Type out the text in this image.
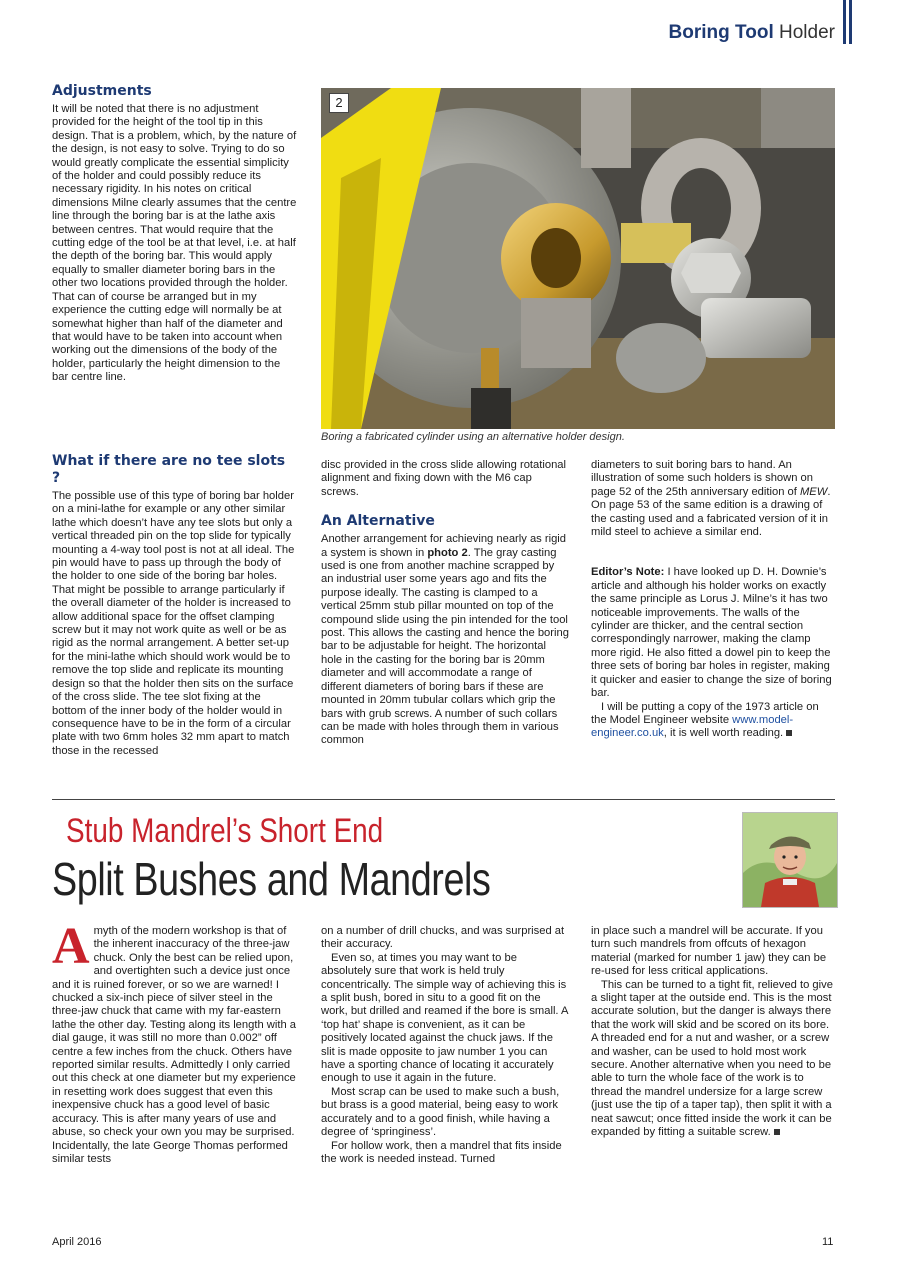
Boring Tool Holder
Adjustments

It will be noted that there is no adjustment provided for the height of the tool tip in this design. That is a problem, which, by the nature of the design, is not easy to solve. Trying to do so would greatly complicate the essential simplicity of the holder and could possibly reduce its necessary rigidity. In his notes on critical dimensions Milne clearly assumes that the centre line through the boring bar is at the lathe axis between centres. That would require that the cutting edge of the tool be at that level, i.e. at half the depth of the boring bar. This would apply equally to smaller diameter boring bars in the other two locations provided through the holder. That can of course be arranged but in my experience the cutting edge will normally be at somewhat higher than half of the diameter and that would have to be taken into account when working out the dimensions of the body of the holder, particularly the height dimension to the bar centre line.

What if there are no tee slots ?

The possible use of this type of boring bar holder on a mini-lathe for example or any other similar lathe which doesn’t have any tee slots but only a vertical threaded pin on the top slide for typically mounting a 4-way tool post is not at all ideal. The pin would have to pass up through the body of the holder to one side of the boring bar holes. That might be possible to arrange particularly if the overall diameter of the holder is increased to allow additional space for the offset clamping screw but it may not work quite as well or be as rigid as the normal arrangement. A better set-up for the mini-lathe which should work would be to remove the top slide and replicate its mounting design so that the holder then sits on the surface of the cross slide. The tee slot fixing at the bottom of the inner body of the holder would in consequence have to be in the form of a circular plate with two 6mm holes 32 mm apart to match those in the recessed

2
Boring a fabricated cylinder using an alternative holder design.

disc provided in the cross slide allowing rotational alignment and fixing down with the M6 cap screws.

An Alternative

Another arrangement for achieving nearly as rigid a system is shown in photo 2. The gray casting used is one from another machine scrapped by an industrial user some years ago and fits the purpose ideally. The casting is clamped to a vertical 25mm stub pillar mounted on top of the compound slide using the pin intended for the tool post. This allows the casting and hence the boring bar to be adjustable for height. The horizontal hole in the casting for the boring bar is 20mm diameter and will accommodate a range of different diameters of boring bars if these are mounted in 20mm tubular collars which grip the bars with grub screws. A number of such collars can be made with holes through them in various common

diameters to suit boring bars to hand. An illustration of some such holders is shown on page 52 of the 25th anniversary edition of MEW. On page 53 of the same edition is a drawing of the casting used and a fabricated version of it in mild steel to achieve a similar end.

Editor’s Note: I have looked up D. H. Downie’s article and although his holder works on exactly the same principle as Lorus J. Milne’s it has two noticeable improvements. The walls of the cylinder are thicker, and the central section correspondingly narrower, making the clamp more rigid. He also fitted a dowel pin to keep the three sets of boring bar holes in register, making it quicker and easier to change the size of boring bar.

I will be putting a copy of the 1973 article on the Model Engineer website www.model-engineer.co.uk, it is well worth reading.

Stub Mandrel’s Short End
Split Bushes and Mandrels

Amyth of the modern workshop is that of the inherent inaccuracy of the three-jaw chuck. Only the best can be relied upon, and overtighten such a device just once and it is ruined forever, or so we are warned! I chucked a six-inch piece of silver steel in the three-jaw chuck that came with my far-eastern lathe the other day. Testing along its length with a dial gauge, it was still no more than 0.002” off centre a few inches from the chuck. Others have reported similar results. Admittedly I only carried out this check at one diameter but my experience in resetting work does suggest that even this inexpensive chuck has a good level of basic accuracy. This is after many years of use and abuse, so check your own you may be surprised. Incidentally, the late George Thomas performed similar tests

on a number of drill chucks, and was surprised at their accuracy.

Even so, at times you may want to be absolutely sure that work is held truly concentrically. The simple way of achieving this is a split bush, bored in situ to a good fit on the work, but drilled and reamed if the bore is small. A ‘top hat’ shape is convenient, as it can be positively located against the chuck jaws. If the slit is made opposite to jaw number 1 you can have a sporting chance of locating it accurately enough to use it again in the future.

Most scrap can be used to make such a bush, but brass is a good material, being easy to work accurately and to a good finish, while having a degree of ‘springiness’.

For hollow work, then a mandrel that fits inside the work is needed instead. Turned

in place such a mandrel will be accurate. If you turn such mandrels from offcuts of hexagon material (marked for number 1 jaw) they can be re-used for less critical applications.

This can be turned to a tight fit, relieved to give a slight taper at the outside end. This is the most accurate solution, but the danger is always there that the work will skid and be scored on its bore. A threaded end for a nut and washer, or a screw and washer, can be used to hold most work secure. Another alternative when you need to be able to turn the whole face of the work is to thread the mandrel undersize for a large screw (just use the tip of a taper tap), then split it with a neat sawcut; once fitted inside the work it can be expanded by fitting a suitable screw.

April 2016	11
